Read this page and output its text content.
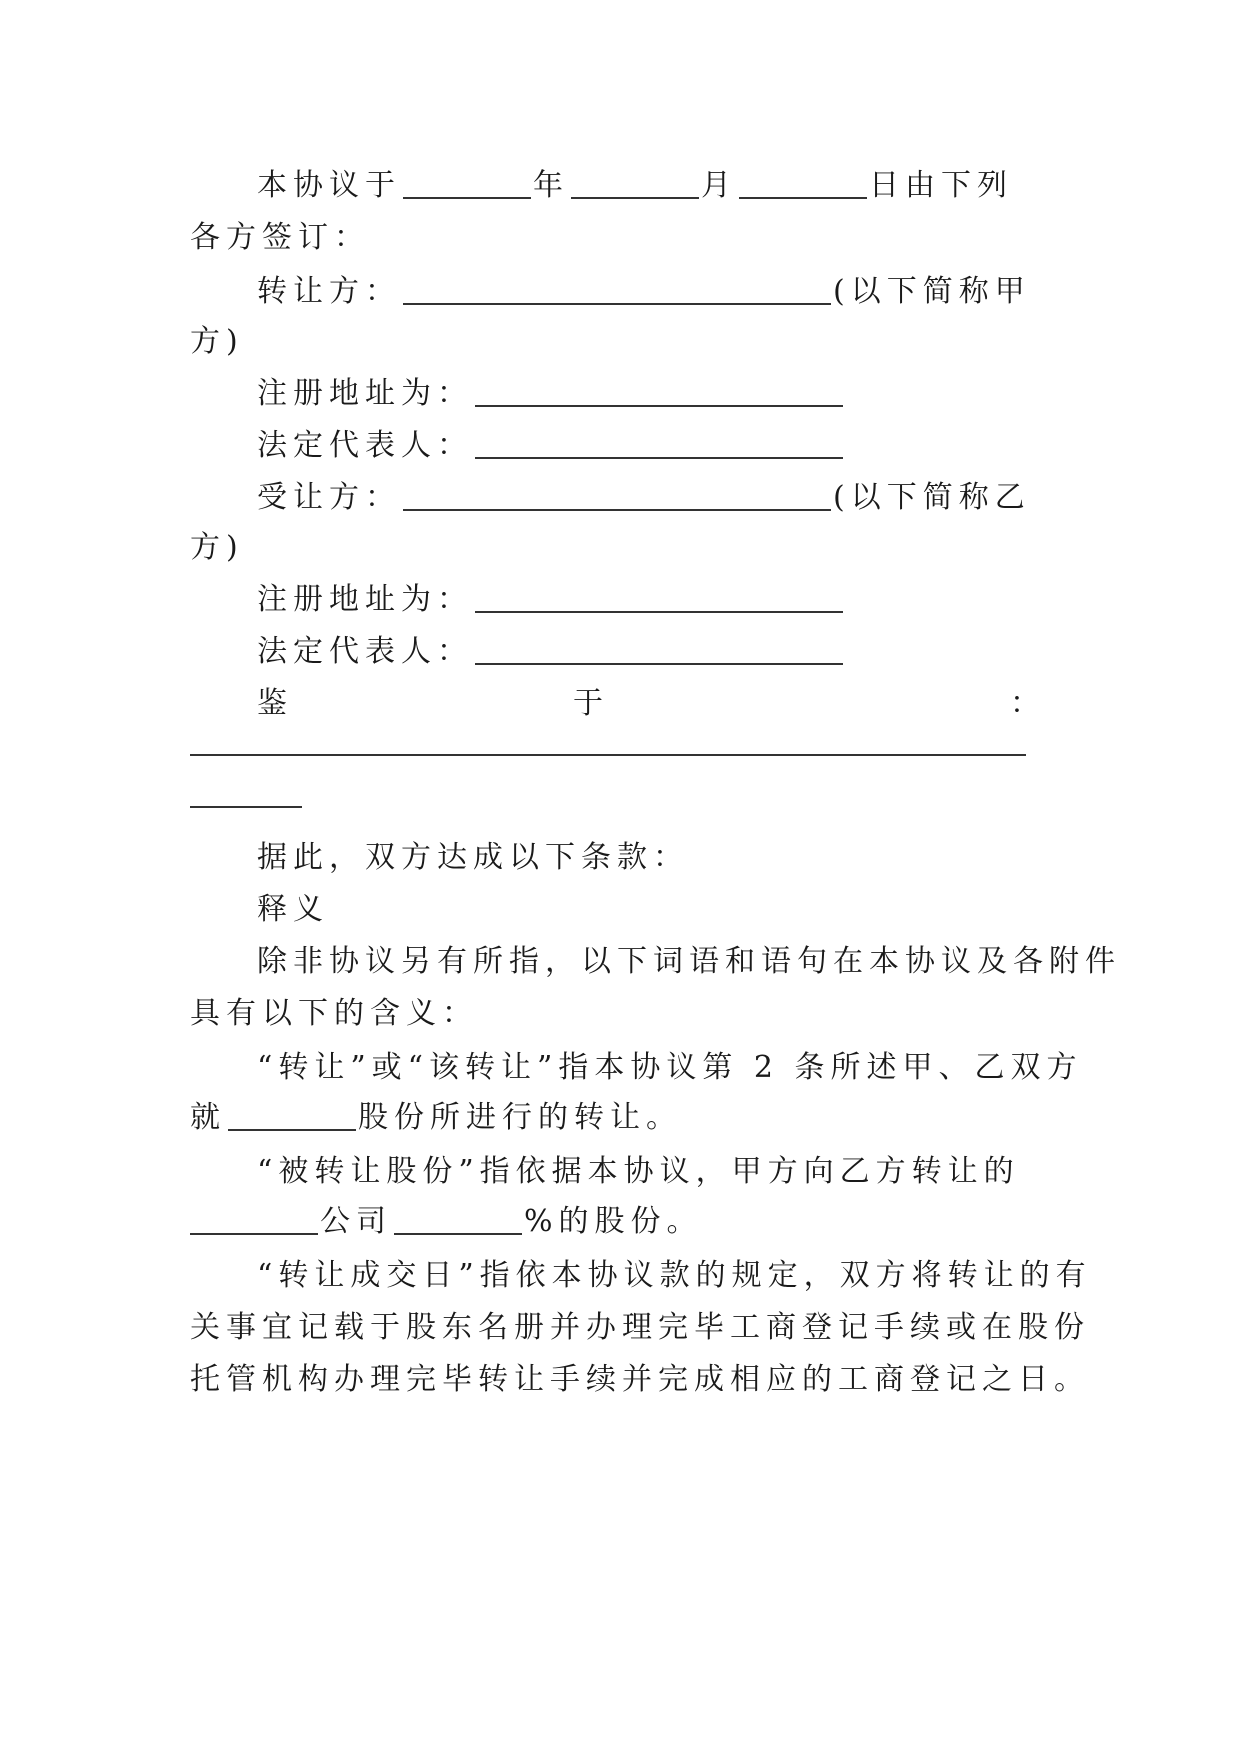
本协议于	年	月	日由下列
各方签订：
转让方：	(以下简称甲
方)
注册地址为：
法定代表人：
受让方：	(以下简称乙
方)
注册地址为：
法定代表人：
鉴	于	：
据此，双方达成以下条款：
释义
除非协议另有所指，以下词语和语句在本协议及各附件
具有以下的含义：
“转让”或“该转让”指本协议第 2 条所述甲、乙双方
就	股份所进行的转让。
“被转让股份”指依据本协议，甲方向乙方转让的
公司	%的股份。
“转让成交日”指依本协议款的规定，双方将转让的有
关事宜记载于股东名册并办理完毕工商登记手续或在股份
托管机构办理完毕转让手续并完成相应的工商登记之日。
